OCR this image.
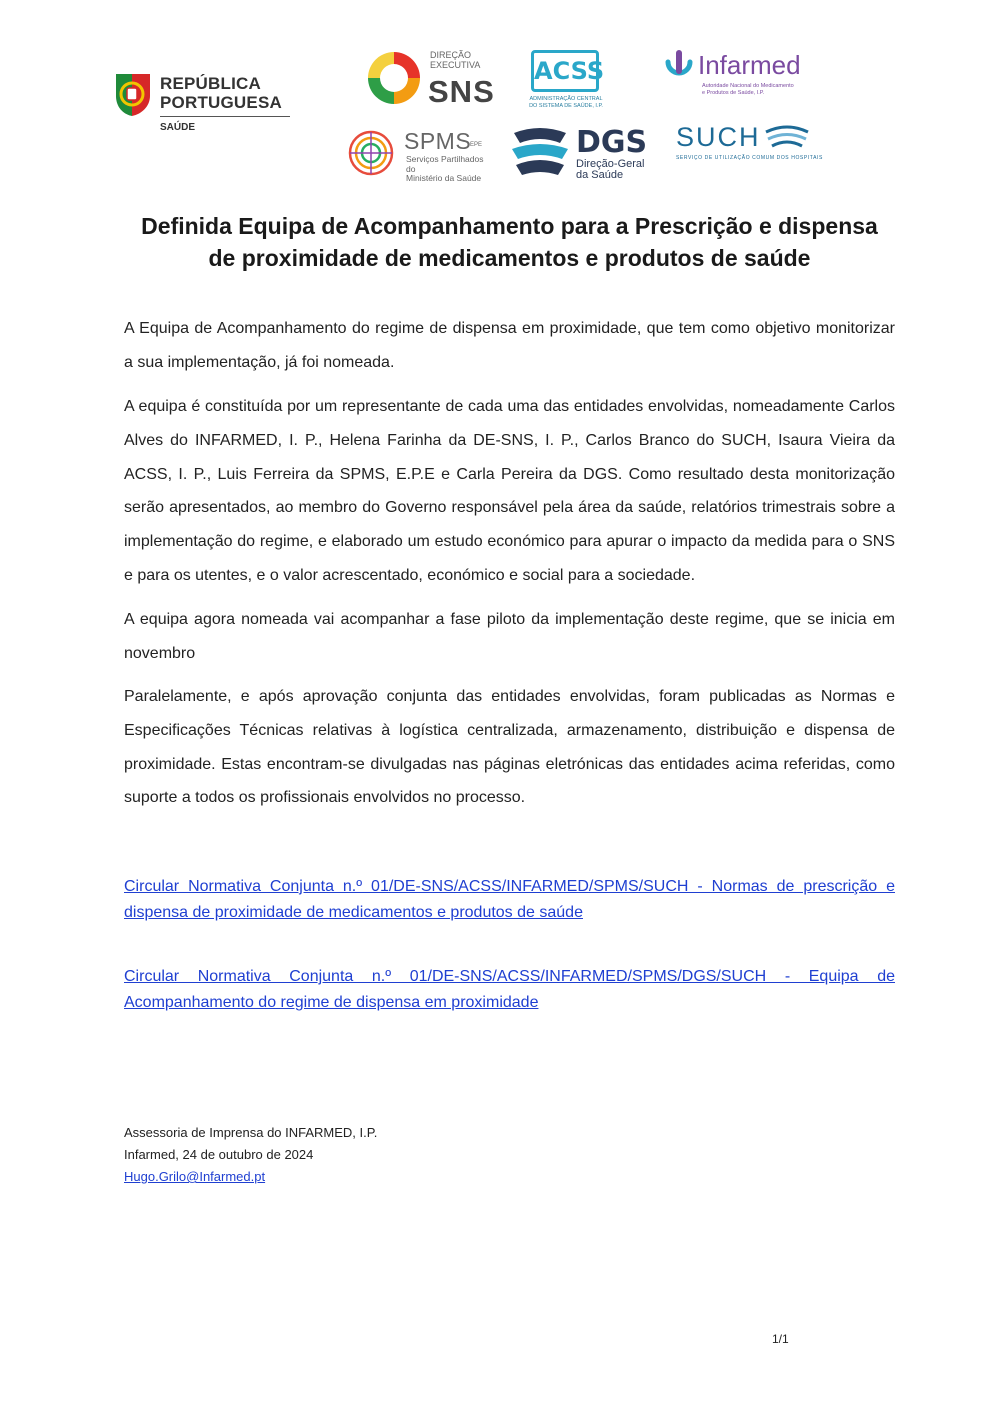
REPÚBLICA
PORTUGUESA
SAÚDE
DIREÇÃO
EXECUTIVA
SNS
ACSS
ADMINISTRAÇÃO CENTRAL
DO SISTEMA DE SAÚDE, I.P.
Infarmed
Autoridade Nacional do Medicamento
e Produtos de Saúde, I.P.
SPMS
EPE
Serviços Partilhados do
Ministério da Saúde
DGS
Direção-Geral
da Saúde
SUCH
SERVIÇO DE UTILIZAÇÃO COMUM DOS HOSPITAIS
Definida Equipa de Acompanhamento para a Prescrição e dispensa
de proximidade de medicamentos e produtos de saúde

A Equipa de Acompanhamento do regime de dispensa em proximidade, que tem como objetivo monitorizar a sua implementação, já foi nomeada.

A equipa é constituída por um representante de cada uma das entidades envolvidas, nomeadamente Carlos Alves do INFARMED, I. P., Helena Farinha da DE-SNS, I. P., Carlos Branco do SUCH, Isaura Vieira da ACSS, I. P., Luis Ferreira da SPMS, E.P.E e Carla Pereira da DGS. Como resultado desta monitorização serão apresentados, ao membro do Governo responsável pela área da saúde, relatórios trimestrais sobre a implementação do regime, e elaborado um estudo económico para apurar o impacto da medida para o SNS e para os utentes, e o valor acrescentado, económico e social para a sociedade.

A equipa agora nomeada vai acompanhar a fase piloto da implementação deste regime, que se inicia em novembro

Paralelamente, e após aprovação conjunta das entidades envolvidas, foram publicadas as Normas e Especificações Técnicas relativas à logística centralizada, armazenamento, distribuição e dispensa de proximidade. Estas encontram-se divulgadas nas páginas eletrónicas das entidades acima referidas, como suporte a todos os profissionais envolvidos no processo.

Circular Normativa Conjunta n.º 01/DE-SNS/ACSS/INFARMED/SPMS/SUCH - Normas de prescrição e dispensa de proximidade de medicamentos e produtos de saúde

Circular Normativa Conjunta n.º 01/DE-SNS/ACSS/INFARMED/SPMS/DGS/SUCH - Equipa de Acompanhamento do regime de dispensa em proximidade

Assessoria de Imprensa do INFARMED, I.P.
Infarmed, 24 de outubro de 2024
Hugo.Grilo@Infarmed.pt
1/1
